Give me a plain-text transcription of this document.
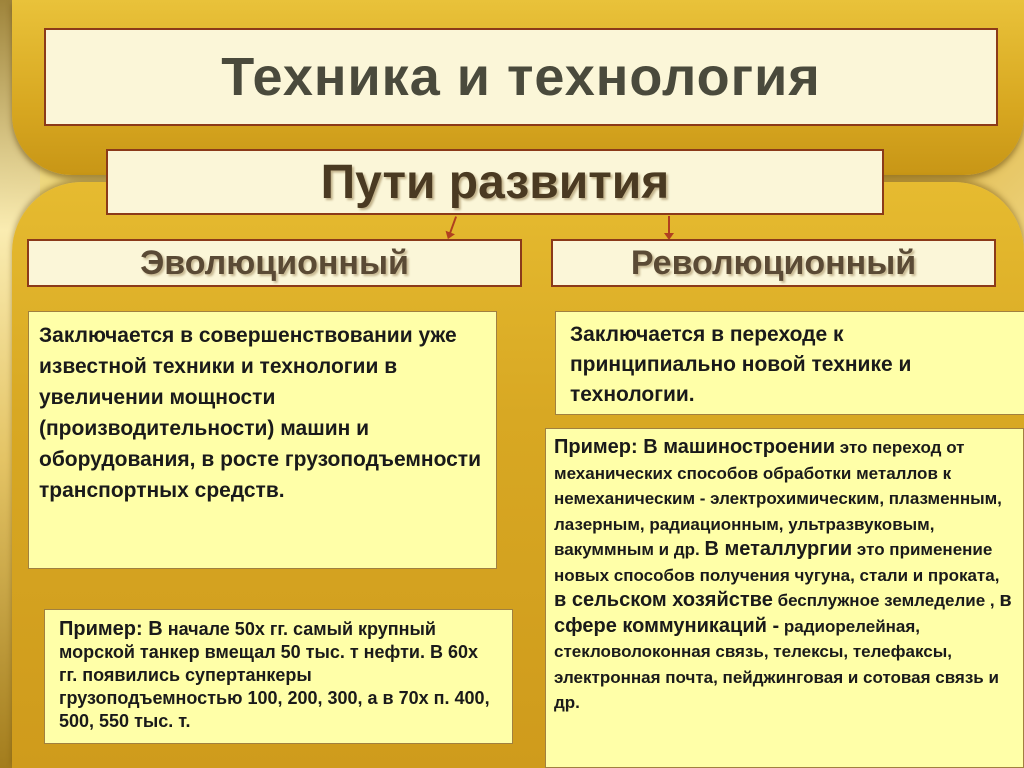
Техника и технология
Пути развития
Эволюционный	Революционный
Заключается в совершенствовании уже известной техники и технологии в увеличении мощности (производительности) машин и оборудования, в росте грузоподъемности транспортных средств.
Заключается в переходе к принципиально новой технике и технологии.
Пример: В начале 50х гг. самый крупный морской танкер вмещал 50 тыс. т нефти. В 60х гг. появились супертанкеры грузоподъемностью 100, 200, 300, а в 70х п. 400, 500, 550 тыс. т.
Пример: В машиностроении это переход от механических способов обработки металлов к немеханическим - электрохимическим, плазменным, лазерным, радиационным, ультразвуковым, вакуммным и др. В металлургии это применение новых способов получения чугуна, стали и проката, в сельском хозяйстве бесплужное земледелие , в сфере коммуникаций - радиорелейная, стекловолоконная связь, телексы, телефаксы, электронная почта, пейджинговая и сотовая связь и др.
